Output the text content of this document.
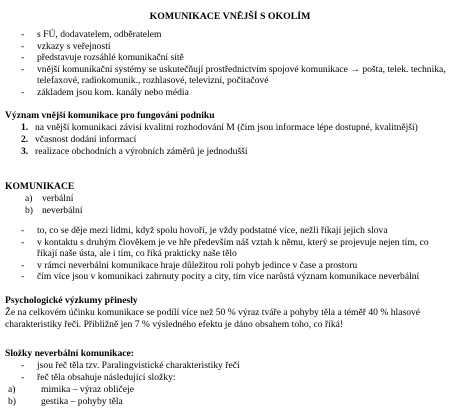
KOMUNIKACE VNĚJŠÍ S OKOLÍM
-	s FÚ, dodavatelem, odběratelem
-	vzkazy s veřejností
-	představuje rozsáhlé komunikační sítě
-	vnější komunikační systémy se uskutečňují prostřednictvím spojové komunikace → pošta, telek. technika, telefaxové, radiokomunik., rozhlasové, televizní, počítačové
-	základem jsou kom. kanály nebo média
Význam vnější komunikace pro fungování podniku
1. na vnější komunikaci závisí kvalitní rozhodování M (čím jsou informace lépe dostupné, kvalitnější)
2. včasnost dodání informací
3. realizace obchodních a výrobních záměrů je jednodušší
KOMUNIKACE
a) verbální
b) neverbální
-	to, co se děje mezi lidmi, když spolu hovoří, je vždy podstatné více, nežli říkají jejich slova
-	v kontaktu s druhým člověkem je ve hře především náš vztah k němu, který se projevuje nejen tím, co říkají naše ústa, ale i tím, co říká prakticky naše tělo
-	v rámci neverbální komunikace hraje důležitou roli pohyb jedince v čase a prostoru
-	čím více jsou v komunikaci zahrnuty pocity a city, tím více narůstá význam komunikace neverbální
Psychologické výzkumy přinesly
Že na celkovém účinku komunikace se podílí více než 50 % výraz tváře a pohyby těla a téměř 40 % hlasové charakteristiky řeči. Přibližně jen 7 % výsledného efektu je dáno obsahem toho, co říká!
Složky neverbální komunikace:
-	jsou řeč těla tzv. Paralingvistické charakteristiky řeči
-	řeč těla obsahuje následující složky:
a)	mimika – výraz obličeje
b)	gestika – pohyby těla
